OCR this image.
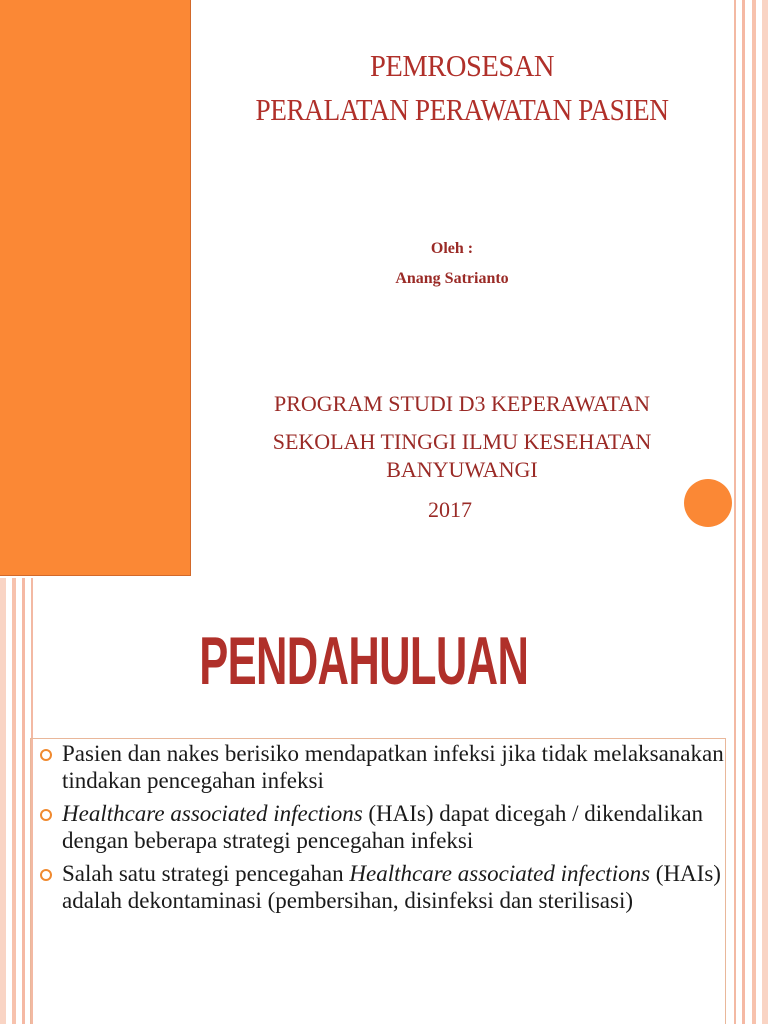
PEMROSESAN
PERALATAN PERAWATAN PASIEN
Oleh :
Anang Satrianto
PROGRAM STUDI D3 KEPERAWATAN
SEKOLAH TINGGI ILMU KESEHATAN
BANYUWANGI
2017
PENDAHULUAN
Pasien dan nakes berisiko mendapatkan infeksi jika tidak melaksanakan tindakan pencegahan infeksi
Healthcare associated infections (HAIs) dapat dicegah / dikendalikan dengan beberapa strategi pencegahan infeksi
Salah satu strategi pencegahan Healthcare associated infections (HAIs) adalah dekontaminasi (pembersihan, disinfeksi dan sterilisasi)
